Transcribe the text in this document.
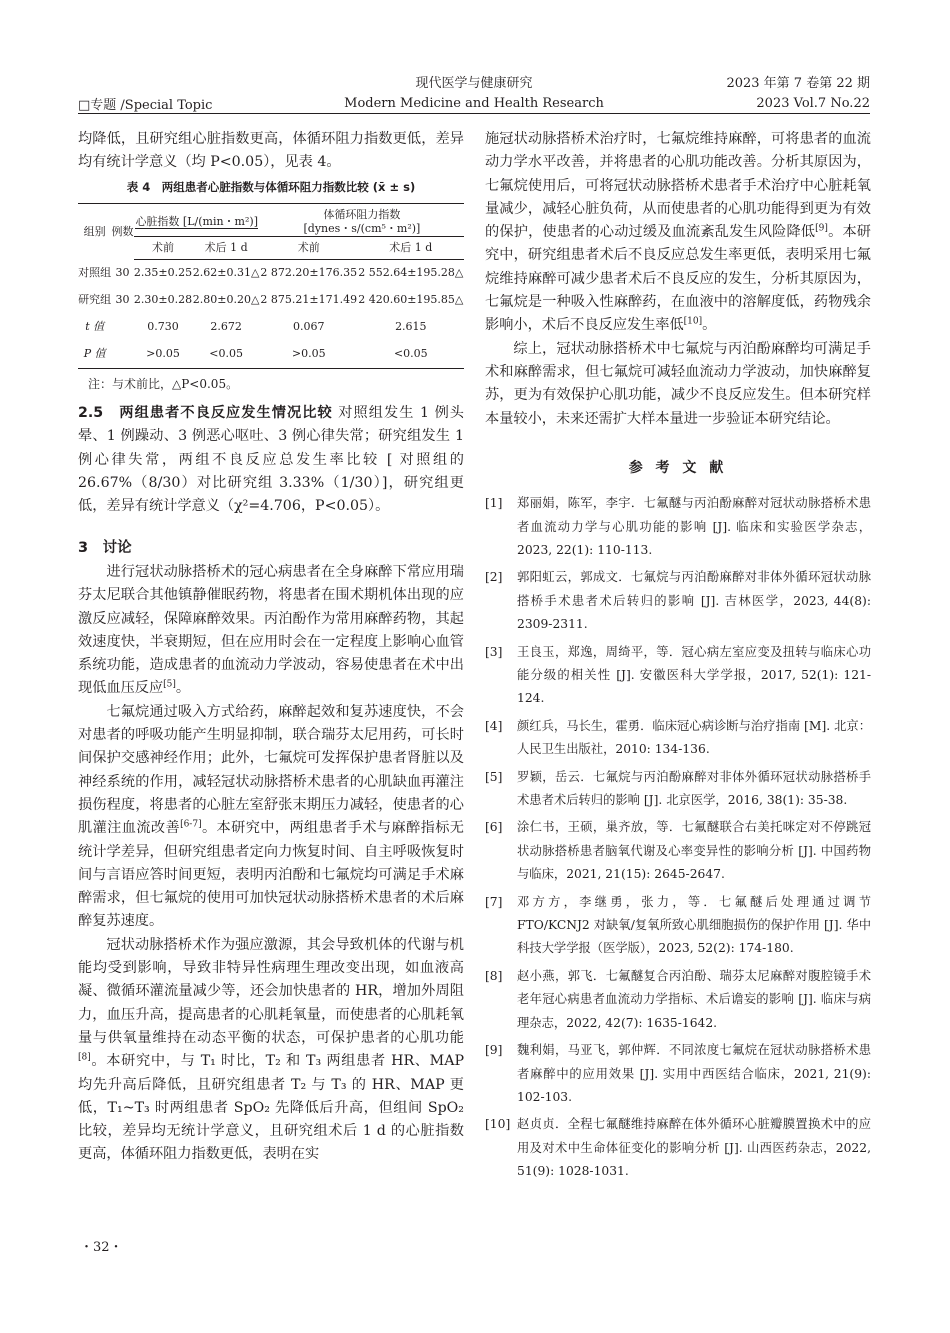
□专题 /Special Topic
现代医学与健康研究
Modern Medicine and Health Research
2023 年第 7 卷第 22 期
2023 Vol.7 No.22

均降低，且研究组心脏指数更高，体循环阻力指数更低，差异均有统计学意义（均 P<0.05），见表 4。

表 4　两组患者心脏指数与体循环阻力指数比较 (x̄ ± s)
组别	例数	心脏指数 [L/(min・m²)]		体循环阻力指数
[dynes・s/(cm⁵・m²)]	

		术前	术后 1 d	术前	术后 1 d
对照组	30	2.35±0.25	2.62±0.31△	2 872.20±176.35	2 552.64±195.28△
研究组	30	2.30±0.28	2.80±0.20△	2 875.21±171.49	2 420.60±195.85△
t 值		0.730	2.672	0.067	2.615
P 值		>0.05	<0.05	>0.05	<0.05
注：与术前比，△P<0.05。

2.5　两组患者不良反应发生情况比较 对照组发生 1 例头晕、1 例躁动、3 例恶心呕吐、3 例心律失常；研究组发生 1 例心律失常，两组不良反应总发生率比较 [ 对照组的 26.67%（8/30）对比研究组 3.33%（1/30）]，研究组更低，差异有统计学意义（χ²=4.706，P<0.05）。

3　讨论

进行冠状动脉搭桥术的冠心病患者在全身麻醉下常应用瑞芬太尼联合其他镇静催眠药物，将患者在围术期机体出现的应激反应减轻，保障麻醉效果。丙泊酚作为常用麻醉药物，其起效速度快，半衰期短，但在应用时会在一定程度上影响心血管系统功能，造成患者的血流动力学波动，容易使患者在术中出现低血压反应[5]。

七氟烷通过吸入方式给药，麻醉起效和复苏速度快，不会对患者的呼吸功能产生明显抑制，联合瑞芬太尼用药，可长时间保护交感神经作用；此外，七氟烷可发挥保护患者肾脏以及神经系统的作用，减轻冠状动脉搭桥术患者的心肌缺血再灌注损伤程度，将患者的心脏左室舒张末期压力减轻，使患者的心肌灌注血流改善[6-7]。本研究中，两组患者手术与麻醉指标无统计学差异，但研究组患者定向力恢复时间、自主呼吸恢复时间与言语应答时间更短，表明丙泊酚和七氟烷均可满足手术麻醉需求，但七氟烷的使用可加快冠状动脉搭桥术患者的术后麻醉复苏速度。

冠状动脉搭桥术作为强应激源，其会导致机体的代谢与机能均受到影响，导致非特异性病理生理改变出现，如血液高凝、微循环灌流量减少等，还会加快患者的 HR，增加外周阻力，血压升高，提高患者的心肌耗氧量，而使患者的心肌耗氧量与供氧量维持在动态平衡的状态，可保护患者的心肌功能[8]。本研究中，与 T₁ 时比，T₂ 和 T₃ 两组患者 HR、MAP 均先升高后降低，且研究组患者 T₂ 与 T₃ 的 HR、MAP 更低，T₁~T₃ 时两组患者 SpO₂ 先降低后升高，但组间 SpO₂ 比较，差异均无统计学意义，且研究组术后 1 d 的心脏指数更高，体循环阻力指数更低，表明在实

施冠状动脉搭桥术治疗时，七氟烷维持麻醉，可将患者的血流动力学水平改善，并将患者的心肌功能改善。分析其原因为，七氟烷使用后，可将冠状动脉搭桥术患者手术治疗中心脏耗氧量减少，减轻心脏负荷，从而使患者的心肌功能得到更为有效的保护，使患者的心动过缓及血流紊乱发生风险降低[9]。本研究中，研究组患者术后不良反应总发生率更低，表明采用七氟烷维持麻醉可减少患者术后不良反应的发生，分析其原因为，七氟烷是一种吸入性麻醉药，在血液中的溶解度低，药物残余影响小，术后不良反应发生率低[10]。

综上，冠状动脉搭桥术中七氟烷与丙泊酚麻醉均可满足手术和麻醉需求，但七氟烷可减轻血流动力学波动，加快麻醉复苏，更为有效保护心肌功能，减少不良反应发生。但本研究样本量较小，未来还需扩大样本量进一步验证本研究结论。

参 考 文 献
[1]	郑丽娟，陈军，李宇．七氟醚与丙泊酚麻醉对冠状动脉搭桥术患者血流动力学与心肌功能的影响 [J]. 临床和实验医学杂志，2023, 22(1): 110-113.
[2]	郭阳虹云，郭成文．七氟烷与丙泊酚麻醉对非体外循环冠状动脉搭桥手术患者术后转归的影响 [J]. 吉林医学，2023, 44(8): 2309-2311.
[3]	王良玉，郑逸，周绮平，等．冠心病左室应变及扭转与临床心功能分级的相关性 [J]. 安徽医科大学学报，2017, 52(1): 121-124.
[4]	颜红兵，马长生，霍勇．临床冠心病诊断与治疗指南 [M]. 北京：人民卫生出版社，2010: 134-136.
[5]	罗颖，岳云．七氟烷与丙泊酚麻醉对非体外循环冠状动脉搭桥手术患者术后转归的影响 [J]. 北京医学，2016, 38(1): 35-38.
[6]	涂仁书，王硕，巢齐放，等．七氟醚联合右美托咪定对不停跳冠状动脉搭桥患者脑氧代谢及心率变异性的影响分析 [J]. 中国药物与临床，2021, 21(15): 2645-2647.
[7]	邓方方，李继勇，张力，等．七氟醚后处理通过调节 FTO/KCNJ2 对缺氧/复氧所致心肌细胞损伤的保护作用 [J]. 华中科技大学学报（医学版），2023, 52(2): 174-180.
[8]	赵小燕，郭飞．七氟醚复合丙泊酚、瑞芬太尼麻醉对腹腔镜手术老年冠心病患者血流动力学指标、术后谵妄的影响 [J]. 临床与病理杂志，2022, 42(7): 1635-1642.
[9]	魏利娟，马亚飞，郭仲辉．不同浓度七氟烷在冠状动脉搭桥术患者麻醉中的应用效果 [J]. 实用中西医结合临床，2021, 21(9): 102-103.
[10] 赵贞贞．全程七氟醚维持麻醉在体外循环心脏瓣膜置换术中的应用及对术中生命体征变化的影响分析 [J]. 山西医药杂志，2022, 51(9): 1028-1031.
・32・
